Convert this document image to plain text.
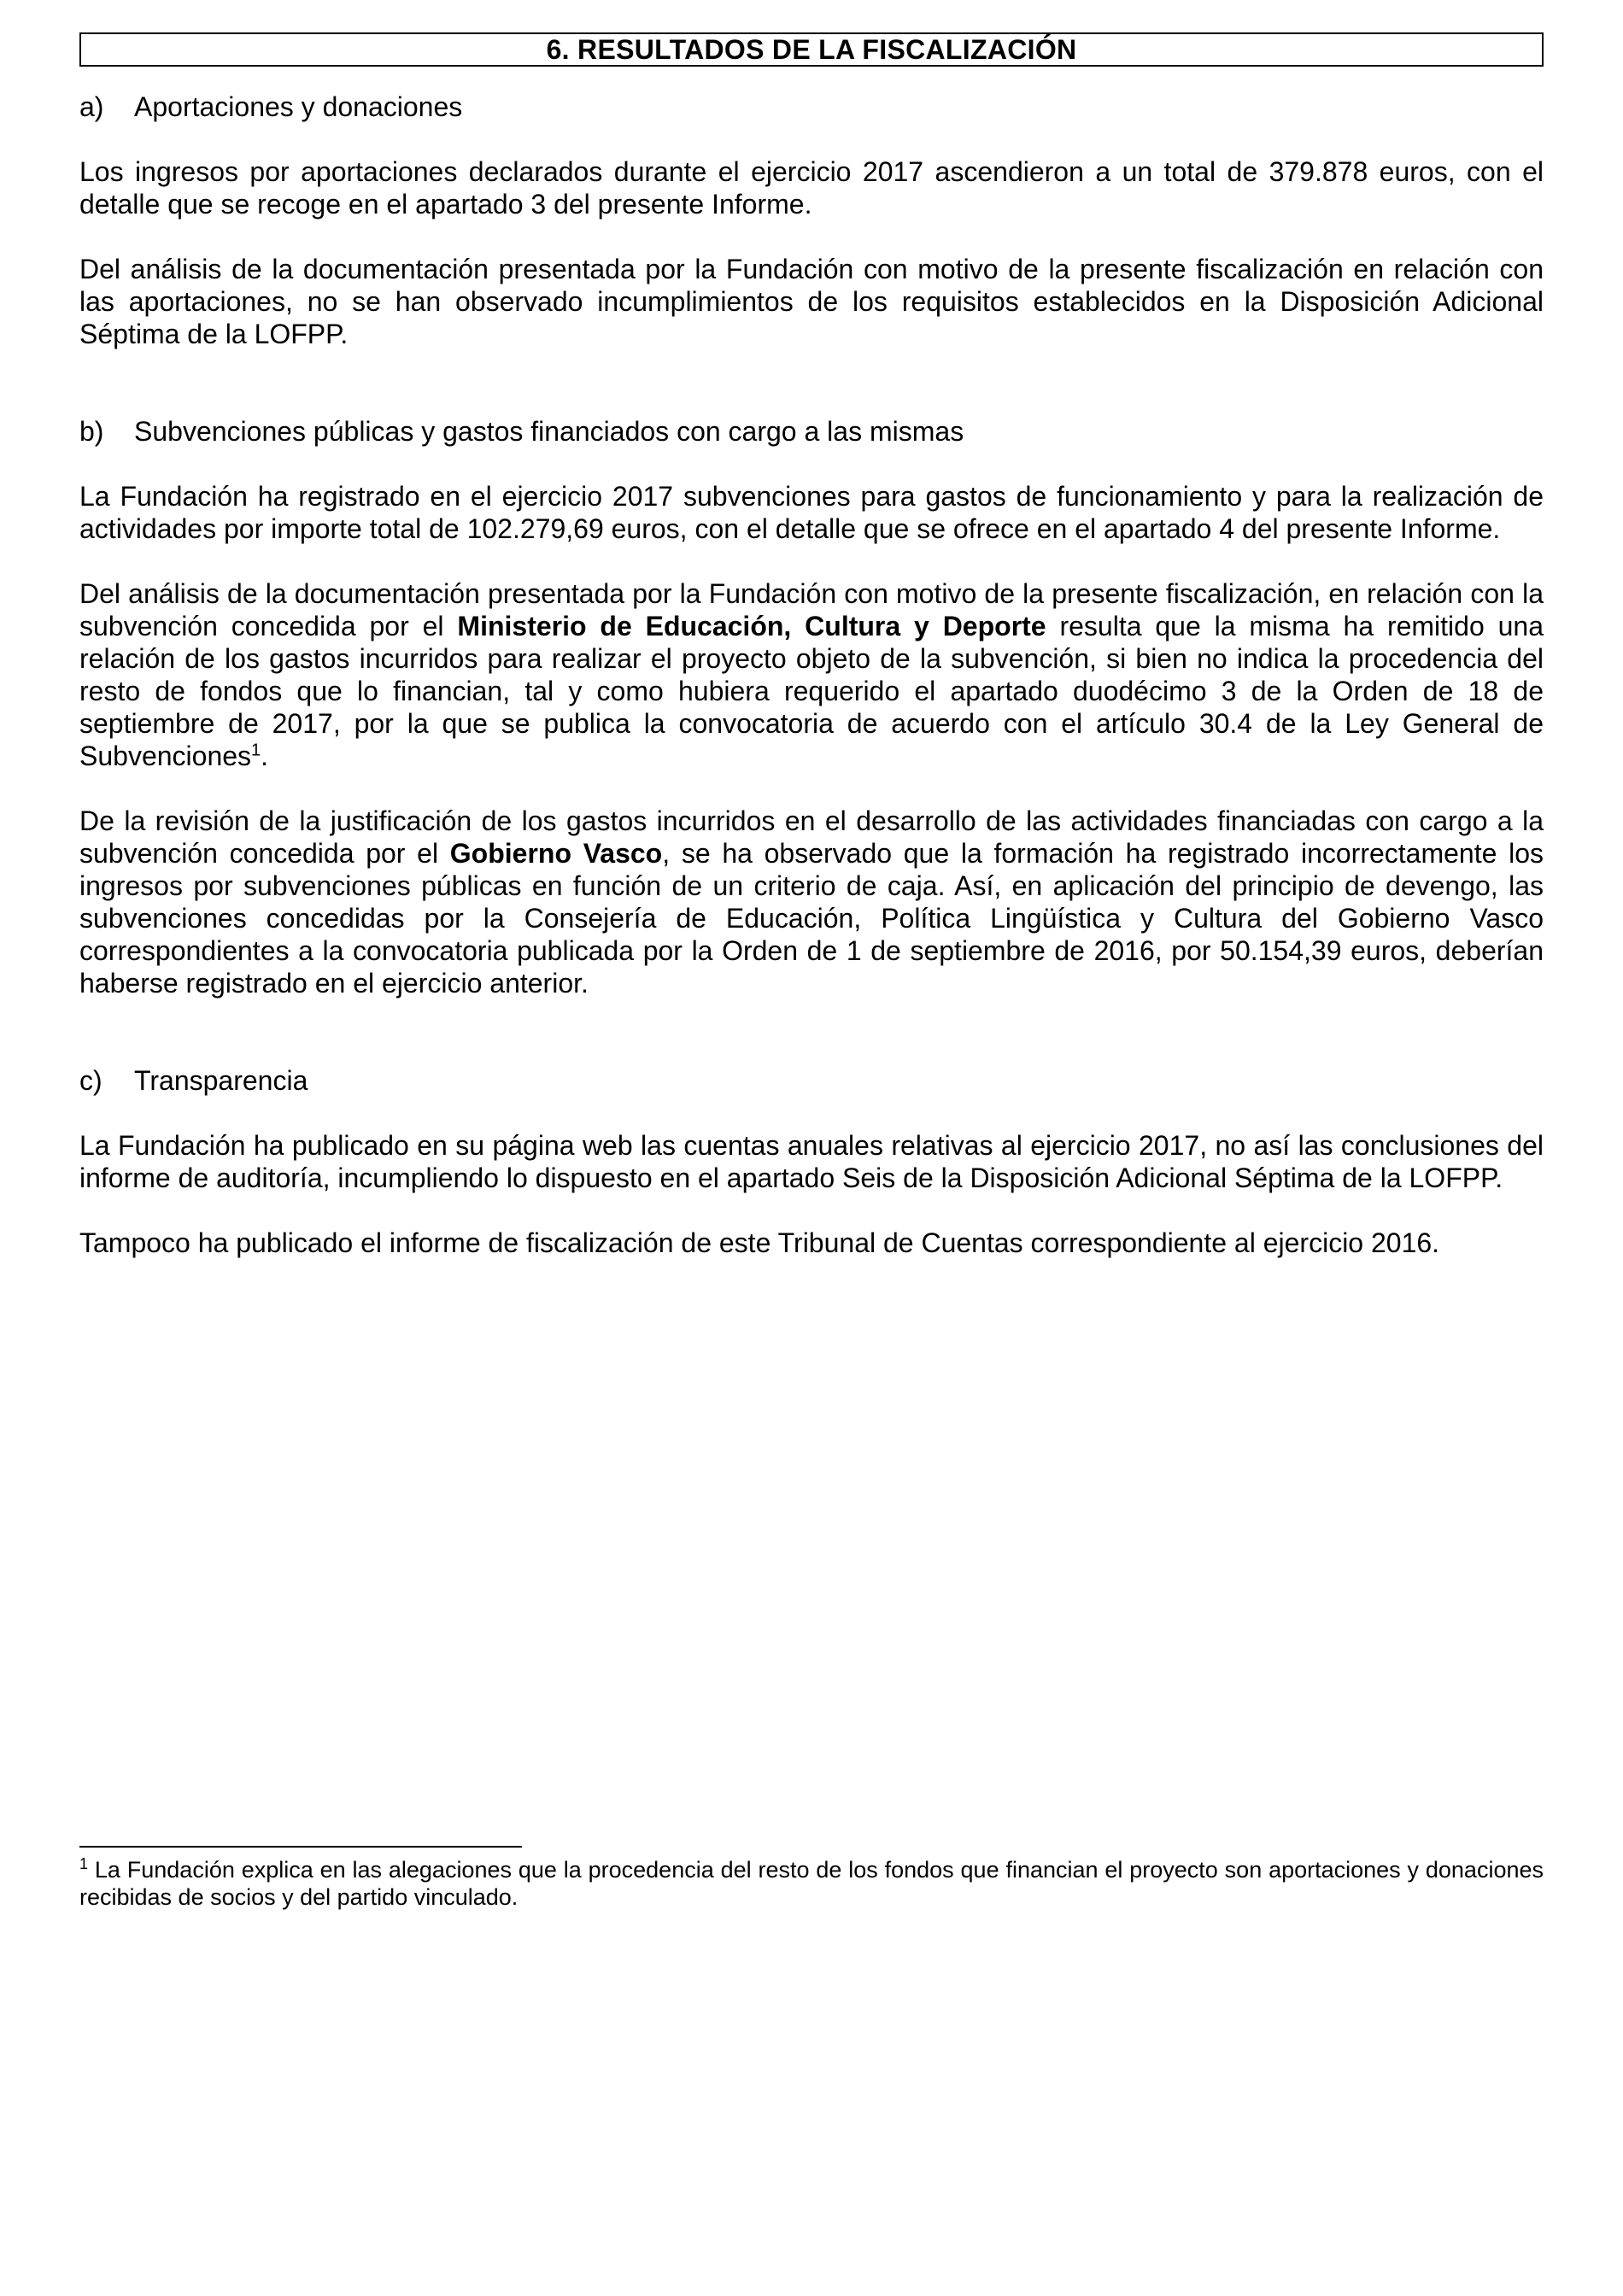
6. RESULTADOS DE LA FISCALIZACIÓN
a)	Aportaciones y donaciones

Los ingresos por aportaciones declarados durante el ejercicio 2017 ascendieron a un total de 379.878 euros, con el detalle que se recoge en el apartado 3 del presente Informe.

Del análisis de la documentación presentada por la Fundación con motivo de la presente fiscalización en relación con las aportaciones, no se han observado incumplimientos de los requisitos establecidos en la Disposición Adicional Séptima de la LOFPP.

b)	Subvenciones públicas y gastos financiados con cargo a las mismas

La Fundación ha registrado en el ejercicio 2017 subvenciones para gastos de funcionamiento y para la realización de actividades por importe total de 102.279,69 euros, con el detalle que se ofrece en el apartado 4 del presente Informe.

Del análisis de la documentación presentada por la Fundación con motivo de la presente fiscalización, en relación con la subvención concedida por el Ministerio de Educación, Cultura y Deporte resulta que la misma ha remitido una relación de los gastos incurridos para realizar el proyecto objeto de la subvención, si bien no indica la procedencia del resto de fondos que lo financian, tal y como hubiera requerido el apartado duodécimo 3 de la Orden de 18 de septiembre de 2017, por la que se publica la convocatoria de acuerdo con el artículo 30.4 de la Ley General de Subvenciones$^1$.

De la revisión de la justificación de los gastos incurridos en el desarrollo de las actividades financiadas con cargo a la subvención concedida por el Gobierno Vasco, se ha observado que la formación ha registrado incorrectamente los ingresos por subvenciones públicas en función de un criterio de caja. Así, en aplicación del principio de devengo, las subvenciones concedidas por la Consejería de Educación, Política Lingüística y Cultura del Gobierno Vasco correspondientes a la convocatoria publicada por la Orden de 1 de septiembre de 2016, por 50.154,39 euros, deberían haberse registrado en el ejercicio anterior.

c)	Transparencia

La Fundación ha publicado en su página web las cuentas anuales relativas al ejercicio 2017, no así las conclusiones del informe de auditoría, incumpliendo lo dispuesto en el apartado Seis de la Disposición Adicional Séptima de la LOFPP.

Tampoco ha publicado el informe de fiscalización de este Tribunal de Cuentas correspondiente al ejercicio 2016.

$^1$ La Fundación explica en las alegaciones que la procedencia del resto de los fondos que financian el proyecto son aportaciones y donaciones recibidas de socios y del partido vinculado.
